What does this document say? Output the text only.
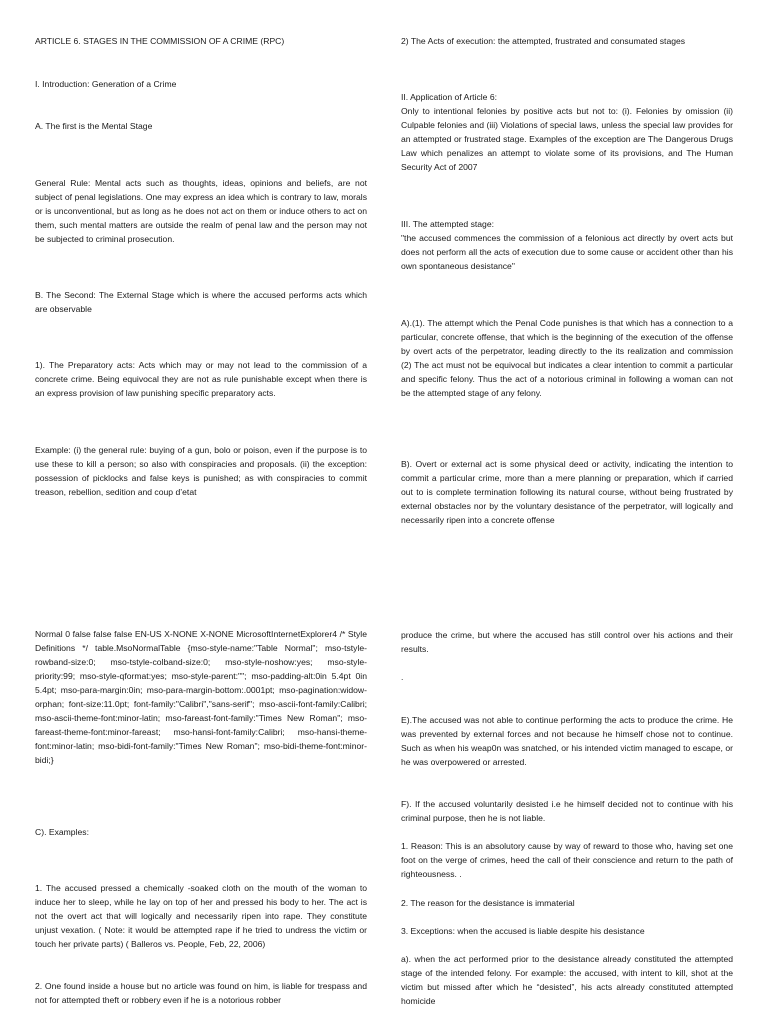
ARTICLE 6. STAGES IN THE COMMISSION OF A CRIME (RPC)

I. Introduction: Generation of a Crime

A. The first is the Mental Stage

General Rule: Mental acts such as thoughts, ideas, opinions and beliefs, are not subject of penal legislations. One may express an idea which is contrary to law, morals or is unconventional, but as long as he does not act on them or induce others to act on them, such mental matters are outside the realm of penal law and the person may not be subjected to criminal prosecution.

B. The Second: The External Stage which is where the accused performs acts which are observable

1). The Preparatory acts: Acts which may or may not lead to the commission of a concrete crime. Being equivocal they are not as rule punishable except when there is an express provision of law punishing specific preparatory acts.

Example: (i) the general rule: buying of a gun, bolo or poison, even if the purpose is to use these to kill a person; so also with conspiracies and proposals. (ii) the exception: possession of picklocks and false keys is punished; as with conspiracies to commit treason, rebellion, sedition and coup d’etat

Normal 0 false false false EN-US X-NONE X-NONE MicrosoftInternetExplorer4 /* Style Definitions */ table.MsoNormalTable {mso-style-name:"Table Normal"; mso-tstyle-rowband-size:0; mso-tstyle-colband-size:0; mso-style-noshow:yes; mso-style-priority:99; mso-style-qformat:yes; mso-style-parent:""; mso-padding-alt:0in 5.4pt 0in 5.4pt; mso-para-margin:0in; mso-para-margin-bottom:.0001pt; mso-pagination:widow-orphan; font-size:11.0pt; font-family:"Calibri","sans-serif"; mso-ascii-font-family:Calibri; mso-ascii-theme-font:minor-latin; mso-fareast-font-family:"Times New Roman"; mso-fareast-theme-font:minor-fareast; mso-hansi-font-family:Calibri; mso-hansi-theme-font:minor-latin; mso-bidi-font-family:"Times New Roman"; mso-bidi-theme-font:minor-bidi;}

C). Examples:

1. The accused pressed a chemically -soaked cloth on the mouth of the woman to induce her to sleep, while he lay on top of her and pressed his body to her. The act is not the overt act that will logically and necessarily ripen into rape. They constitute unjust vexation. ( Note: it would be attempted rape if he tried to undress the victim or touch her private parts) ( Balleros vs. People, Feb, 22, 2006)

2. One found inside a house but no article was found on him, is liable for trespass and not for attempted theft or robbery even if he is a notorious robber

2) The Acts of execution: the attempted, frustrated and consumated stages

II. Application of Article 6:

Only to intentional felonies by positive acts but not to: (i). Felonies by omission (ii) Culpable felonies and (iii) Violations of special laws, unless the special law provides for an attempted or frustrated stage. Examples of the exception are The Dangerous Drugs Law which penalizes an attempt to violate some of its provisions, and The Human Security Act of 2007

III. The attempted stage:

"the accused commences the commission of a felonious act directly by overt acts but does not perform all the acts of execution due to some cause or accident other than his own spontaneous desistance"

A).(1). The attempt which the Penal Code punishes is that which has a connection to a particular, concrete offense, that which is the beginning of the execution of the offense by overt acts of the perpetrator, leading directly to the its realization and commission (2) The act must not be equivocal but indicates a clear intention to commit a particular and specific felony. Thus the act of a notorious criminal in following a woman can not be the attempted stage of any felony.

B). Overt or external act is some physical deed or activity, indicating the intention to commit a particular crime, more than a mere planning or preparation, which if carried out to is complete termination following its natural course, without being frustrated by external obstacles nor by the voluntary desistance of the perpetrator, will logically and necessarily ripen into a concrete offense

produce the crime, but where the accused has still control over his actions and their results.

.

E).The accused was not able to continue performing the acts to produce the crime. He was prevented by external forces and not because he himself chose not to continue. Such as when his weap0n was snatched, or his intended victim managed to escape, or he was overpowered or arrested.

F). If the accused voluntarily desisted i.e he himself decided not to continue with his criminal purpose, then he is not liable.

1. Reason: This is an absolutory cause by way of reward to those who, having set one foot on the verge of crimes, heed the call of their conscience and return to the path of righteousness. .

2. The reason for the desistance is immaterial

3. Exceptions: when the accused is liable despite his desistance

a). when the act performed prior to the desistance already constituted the attempted stage of the intended felony. For example: the accused, with intent to kill, shot at the victim but missed after which he “desisted”, his acts already constituted attempted homicide
